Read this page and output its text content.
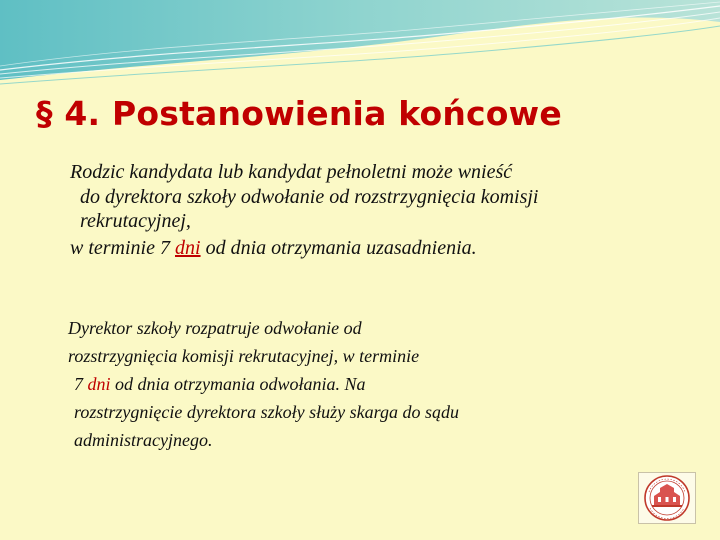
§ 4. Postanowienia końcowe
Rodzic kandydata lub kandydat pełnoletni może wnieść
do dyrektora szkoły odwołanie od rozstrzygnięcia komisji
rekrutacyjnej,
w terminie 7 dni od dnia otrzymania uzasadnienia.
Dyrektor szkoły rozpatruje odwołanie od
rozstrzygnięcia komisji rekrutacyjnej, w terminie
7 dni od dnia otrzymania odwołania. Na
rozstrzygnięcie dyrektora szkoły służy skarga do sądu
administracyjnego.
